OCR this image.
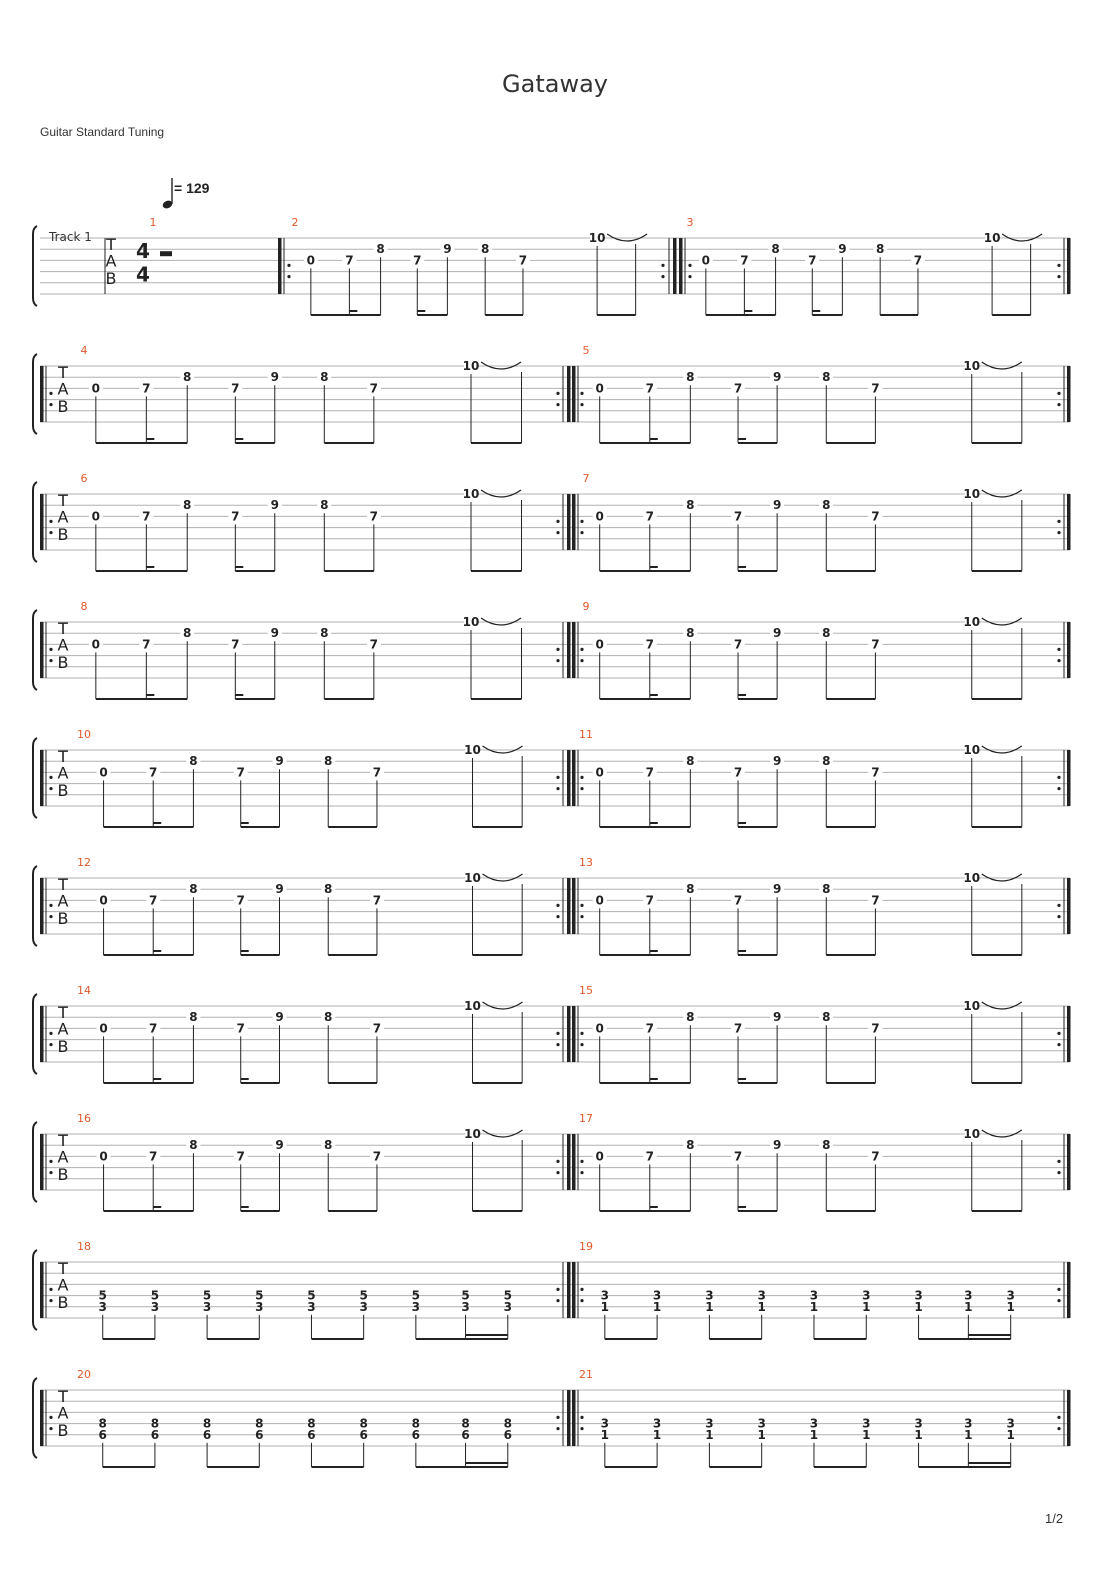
Gataway
Guitar Standard Tuning
= 129
T
A
B
Track 1
4
4
1	2
0	7
8
7
9 8
7
10
3
0	7
8
7
9 8
7
10
T
A
B
4	5
0	7
8
7
9	8
7
10
0	7
8
7
9	8
7
10
T
A
B
6	7
0	7
8
7
9	8
7
10
0	7
8
7
9	8
7
10
T
A
B
8	9
0	7
8
7
9	8
7
10
0	7
8
7
9	8
7
10
T
A
B
10	11
0	7
8
7
9	8
7
10
0	7
8
7
9	8
7
10
T
A
B
12	13
0	7
8
7
9	8
7
10
0	7
8
7
9	8
7
10
T
A
B
14	15
0	7
8
7
9	8
7
10
0	7
8
7
9	8
7
10
T
A
B
16	17
0	7
8
7
9	8
7
10
0	7
8
7
9	8
7
10
T
A
B
18	19
5
3
5
3
5
3
5
3
5
3
5
3
5
3
5
3
5
3
3
1
3
1
3
1
3
1
3
1
3
1
3
1
3
1
3
1
T
A
B
20	21
8
6
8
6
8
6
8
6
8
6
8
6
8
6
8
6
8
6
3
1
3
1
3
1
3
1
3
1
3
1
3
1
3
1
3
1
1/2
